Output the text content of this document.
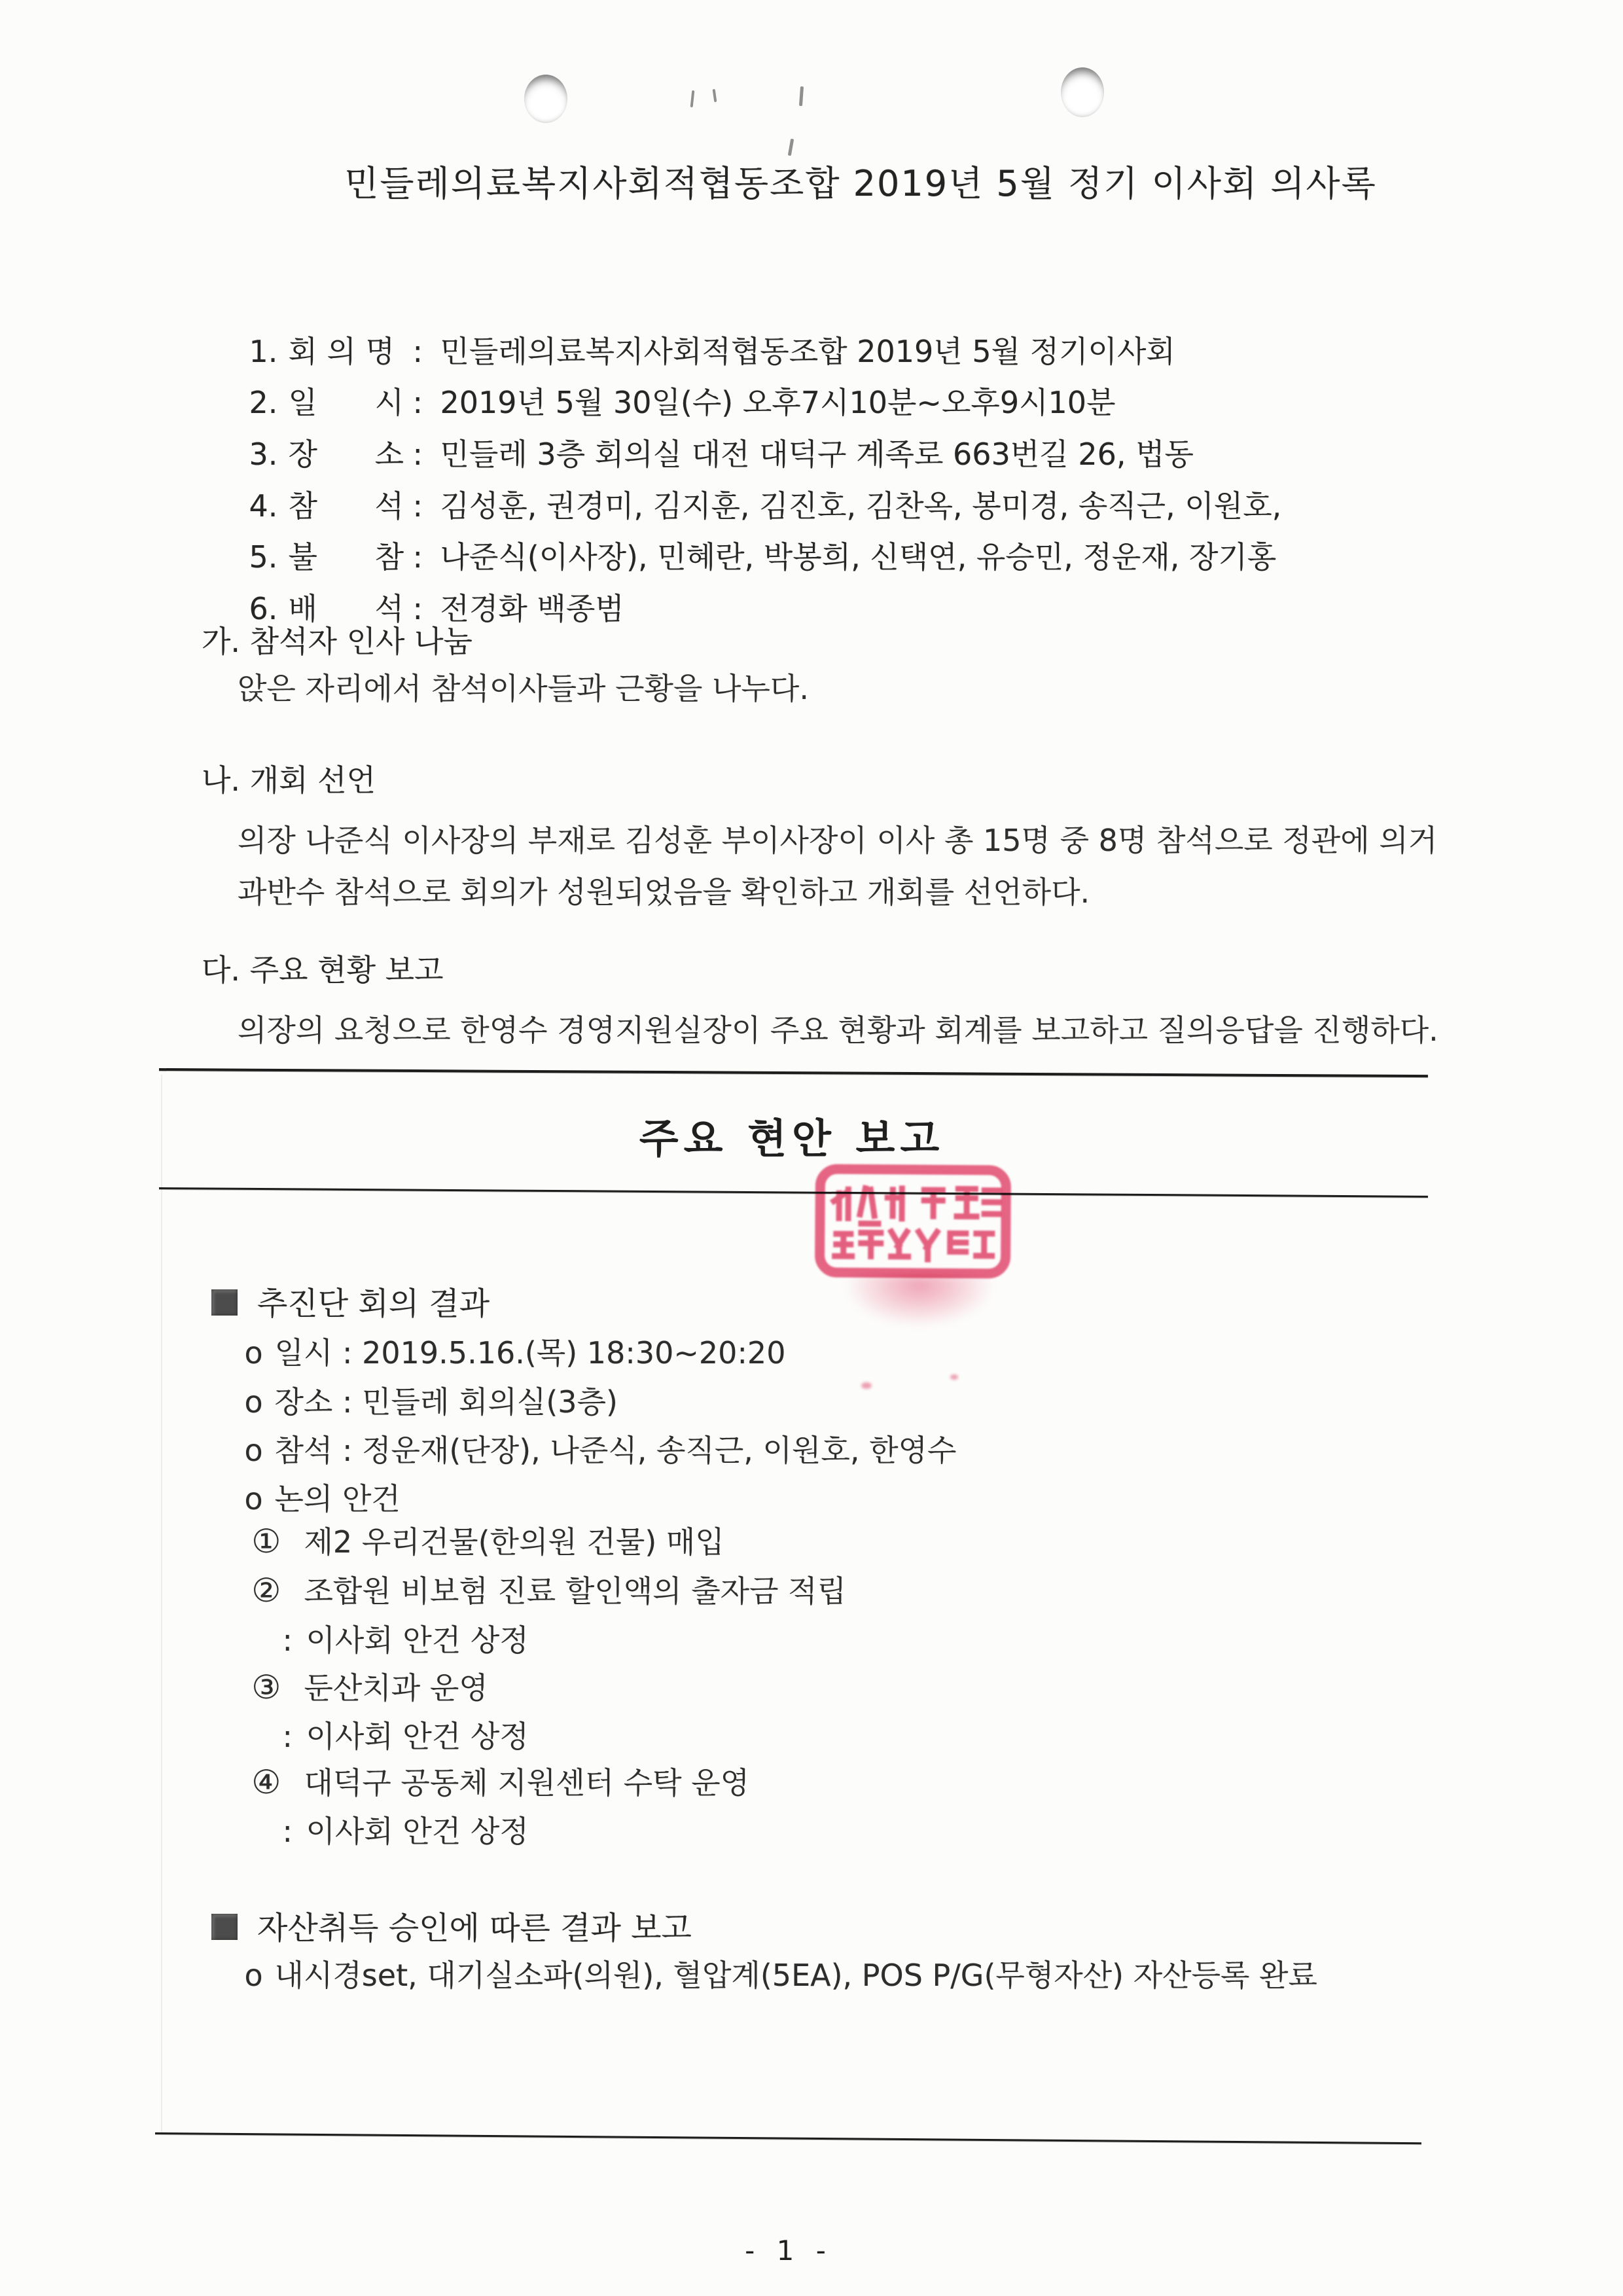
민들레의료복지사회적협동조합 2019년 5월 정기 이사회 의사록

1. 회 의 명 : 민들레의료복지사회적협동조합 2019년 5월 정기이사회

2. 일      시 : 2019년 5월 30일(수) 오후7시10분~오후9시10분

3. 장      소 : 민들레 3층 회의실 대전 대덕구 계족로 663번길 26, 법동

4. 참      석 : 김성훈, 권경미, 김지훈, 김진호, 김찬옥, 봉미경, 송직근, 이원호,

5. 불      참 : 나준식(이사장), 민혜란, 박봉희, 신택연, 유승민, 정운재, 장기홍

6. 배      석 : 전경화 백종범

가. 참석자 인사 나눔
앉은 자리에서 참석이사들과 근황을 나누다.
나. 개회 선언
의장 나준식 이사장의 부재로 김성훈 부이사장이 이사 총 15명 중 8명 참석으로 정관에 의거
과반수 참석으로 회의가 성원되었음을 확인하고 개회를 선언하다.
다. 주요 현황 보고
의장의 요청으로 한영수 경영지원실장이 주요 현황과 회계를 보고하고 질의응답을 진행하다.
주요 현안 보고

추진단 회의 결과

o 일시 : 2019.5.16.(목) 18:30~20:20

o 장소 : 민들레 회의실(3층)

o 참석 : 정운재(단장), 나준식, 송직근, 이원호, 한영수

o 논의 안건

① 제2 우리건물(한의원 건물) 매입

② 조합원 비보험 진료 할인액의 출자금 적립

: 이사회 안건 상정

③ 둔산치과 운영

: 이사회 안건 상정

④ 대덕구 공동체 지원센터 수탁 운영

: 이사회 안건 상정

자산취득 승인에 따른 결과 보고

o 내시경set, 대기실소파(의원), 혈압계(5EA), POS P/G(무형자산) 자산등록 완료

- 1 -
